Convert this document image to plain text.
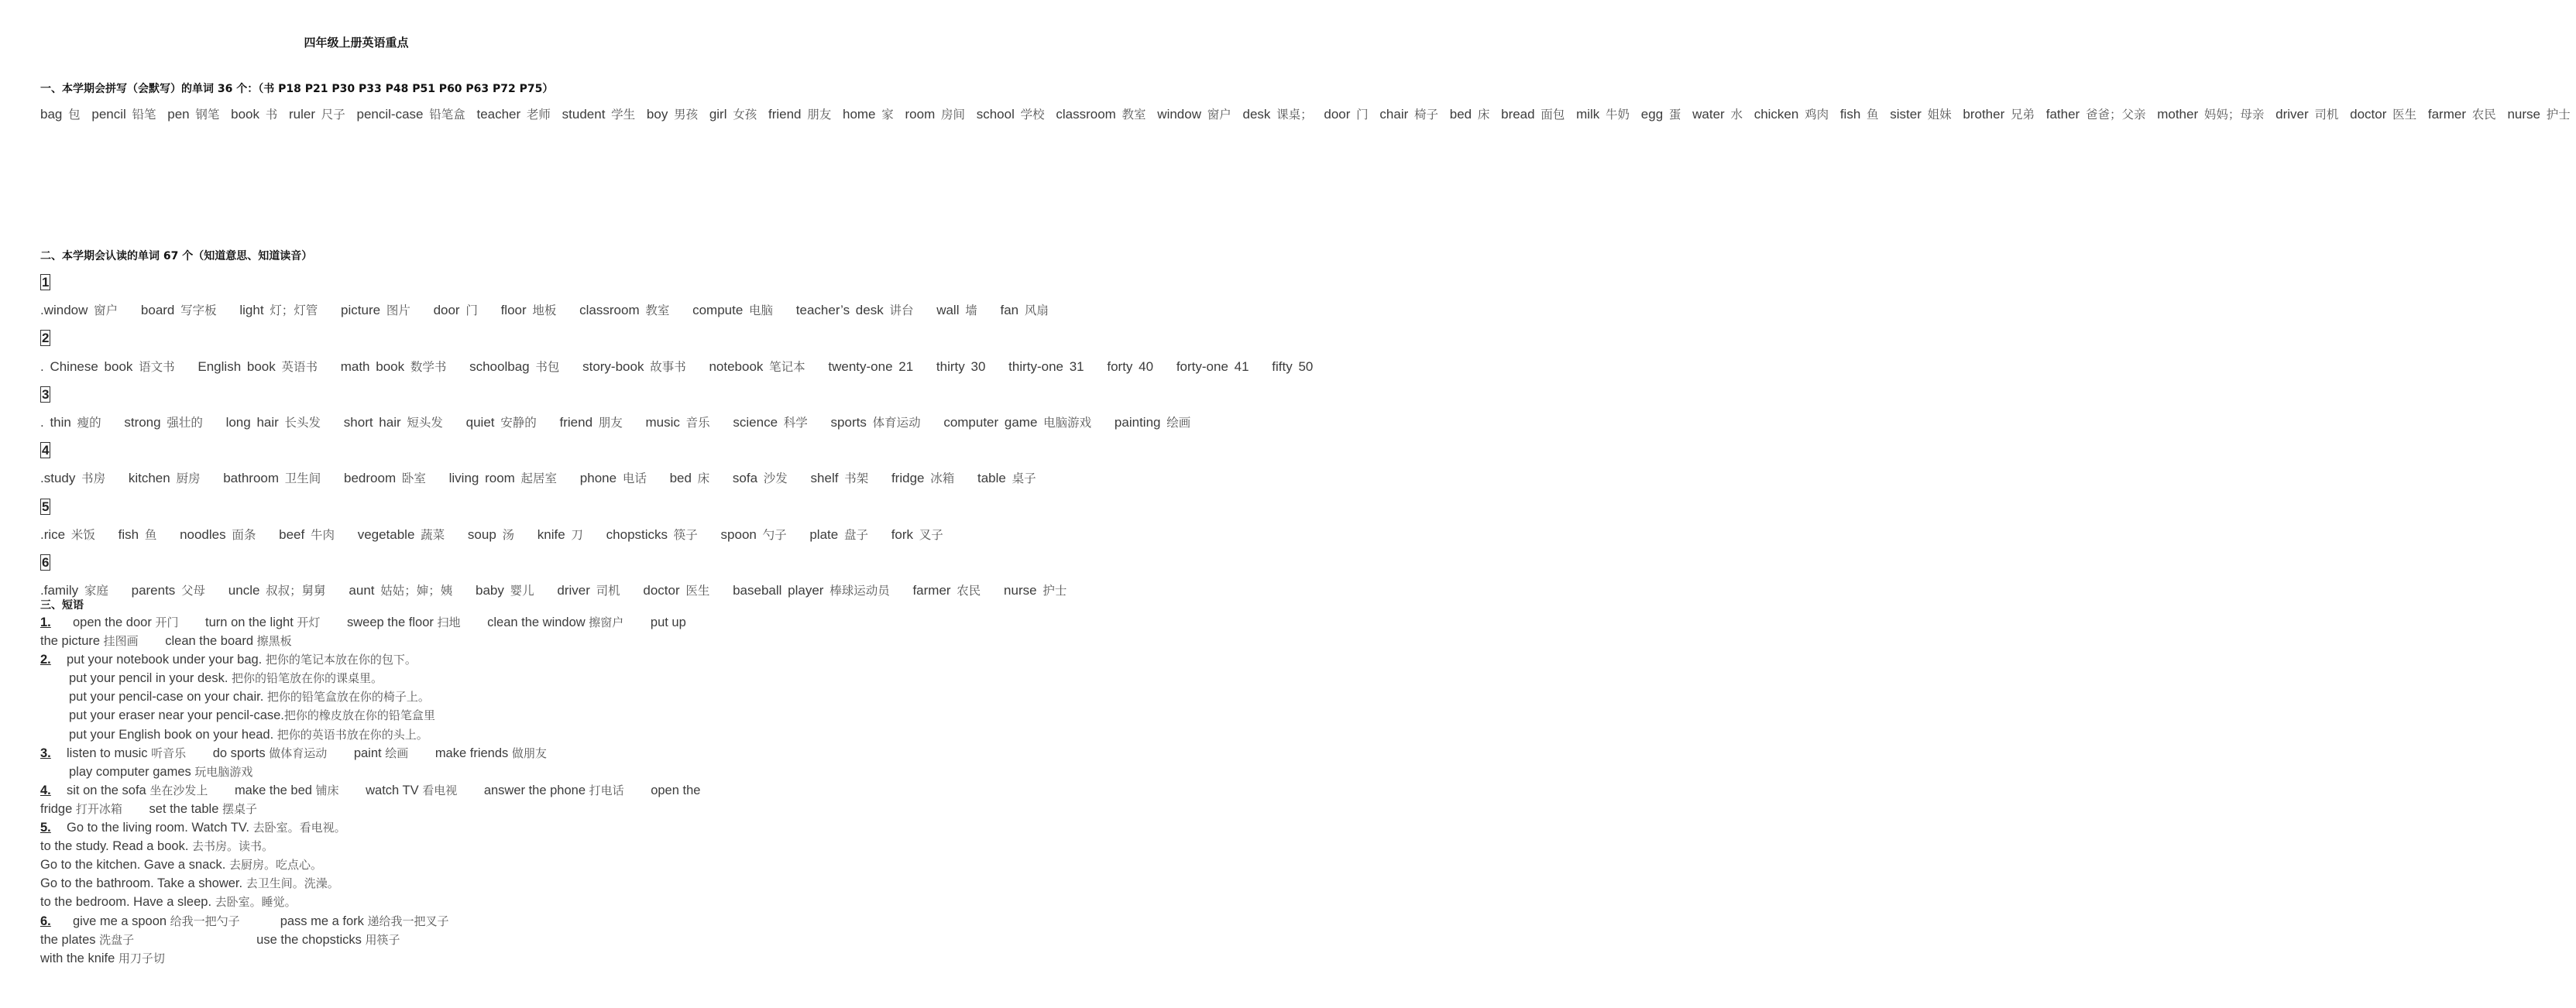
四年级上册英语重点
一、本学期会拼写（会默写）的单词 36 个：（书 P18 P21 P30 P33 P48 P51 P60 P63 P72 P75）
bag 包 pencil 铅笔 pen 钢笔 book 书 ruler 尺子 pencil-case 铅笔盒 teacher 老师 student 学生 boy 男孩 girl 女孩 friend 朋友 home 家 room 房间 school 学校 classroom 教室 window 窗户 desk 课桌； door 门 chair 椅子 bed 床 bread 面包 milk 牛奶 egg 蛋 water 水 chicken 鸡肉 fish 鱼 sister 姐妹 brother 兄弟 father 爸爸；父亲 mother 妈妈；母亲 driver 司机 doctor 医生 farmer 农民 nurse 护士
二、本学期会认读的单词 67 个（知道意思、知道读音）
1.window 窗户 board 写字板 light 灯；灯管 picture 图片 door 门 floor 地板 classroom 教室 compute 电脑 teacher’s desk 讲台 wall 墙 fan 风扇 2. Chinese book 语文书 English book 英语书 math book 数学书 schoolbag 书包 story-book 故事书 notebook 笔记本 twenty-one 21 thirty 30 thirty-one 31 forty 40 forty-one 41 fifty 50 3. thin 瘦的 strong 强壮的 long hair 长头发 short hair 短头发 quiet 安静的 friend 朋友 music 音乐 science 科学 sports 体育运动 computer game 电脑游戏 painting 绘画 4.study 书房 kitchen 厨房 bathroom 卫生间 bedroom 卧室 living room 起居室 phone 电话 bed 床 sofa 沙发 shelf 书架 fridge 冰箱 table 桌子 5.rice 米饭 fish 鱼 noodles 面条 beef 牛肉 vegetable 蔬菜 soup 汤 knife 刀 chopsticks 筷子 spoon 勺子 plate 盘子 fork 叉子 6.family 家庭 parents 父母 uncle 叔叔；舅舅 aunt 姑姑；婶；姨 baby 婴儿 driver 司机 doctor 医生 baseball player 棒球运动员 farmer 农民 nurse 护士
三、短语
1. open the door 开门 turn on the light 开灯 sweep the floor 扫地 clean the window 擦窗户 put up the picture 挂图画 clean the board 擦黑板
2. put your notebook under your bag. 把你的笔记本放在你的包下。
put your pencil in your desk. 把你的铅笔放在你的课桌里。
put your pencil-case on your chair. 把你的铅笔盒放在你的椅子上。
put your eraser near your pencil-case.把你的橡皮放在你的铅笔盒里
put your English book on your head. 把你的英语书放在你的头上。
3. listen to music 听音乐 do sports 做体育运动 paint 绘画 make friends 做朋友
play computer games 玩电脑游戏
4. sit on the sofa 坐在沙发上 make the bed 铺床 watch TV 看电视 answer the phone 打电话 open the fridge 打开冰箱 set the table 摆桌子
5. Go to the living room. Watch TV. 去卧室。看电视。
to the study. Read a book. 去书房。读书。
Go to the kitchen. Gave a snack. 去厨房。吃点心。
Go to the bathroom. Take a shower. 去卫生间。洗澡。
to the bedroom. Have a sleep. 去卧室。睡觉。
6. give me a spoon 给我一把勺子	pass me a fork 递给我一把叉子
the plates 洗盘子	use the chopsticks 用筷子
with the knife 用刀子切
